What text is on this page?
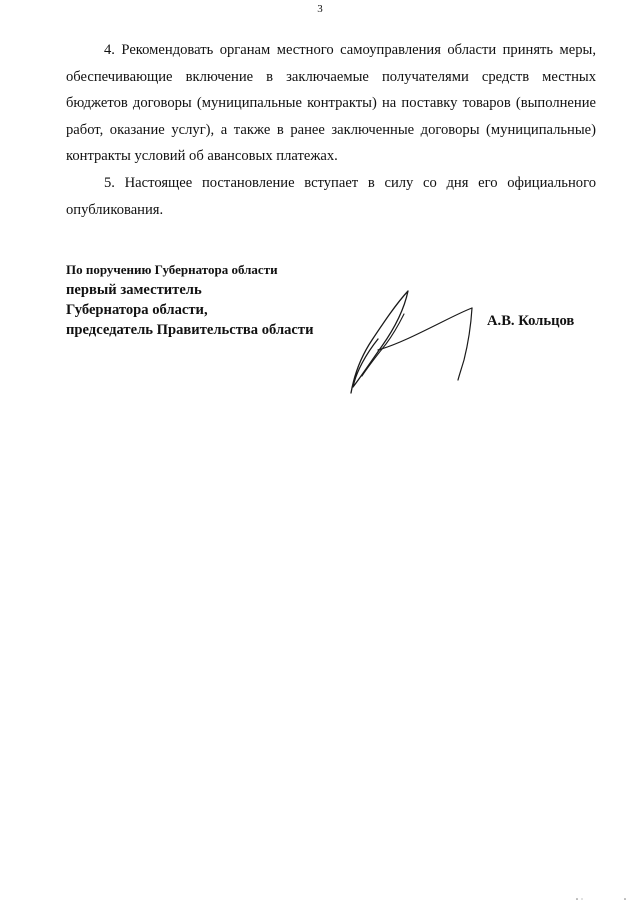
3

4. Рекомендовать органам местного самоуправления области принять меры, обеспечивающие включение в заключаемые получателями средств местных бюджетов договоры (муниципальные контракты) на поставку товаров (выполнение работ, оказание услуг), а также в ранее заключенные договоры (муниципальные) контракты условий об авансовых платежах.

5. Настоящее постановление вступает в силу со дня его официального опубликования.

По поручению Губернатора области
первый заместитель
Губернатора области,
председатель Правительства области
А.В. Кольцов
